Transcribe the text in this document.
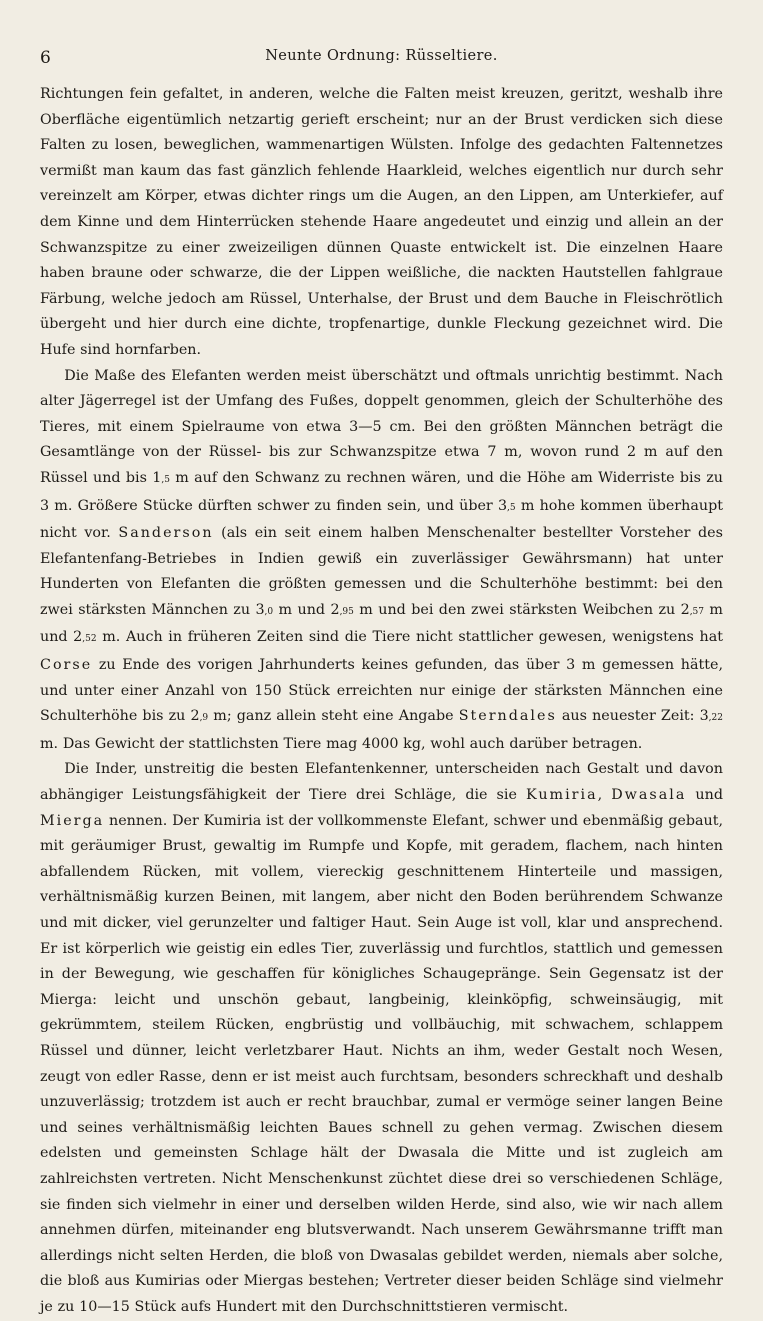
6	Neunte Ordnung: Rüsseltiere.

Richtungen fein gefaltet, in anderen, welche die Falten meist kreuzen, geritzt, weshalb ihre Oberfläche eigentümlich netzartig gerieft erscheint; nur an der Brust verdicken sich diese Falten zu losen, beweglichen, wammenartigen Wülsten. Infolge des gedachten Faltennetzes vermißt man kaum das fast gänzlich fehlende Haarkleid, welches eigentlich nur durch sehr vereinzelt am Körper, etwas dichter rings um die Augen, an den Lippen, am Unterkiefer, auf dem Kinne und dem Hinterrücken stehende Haare angedeutet und einzig und allein an der Schwanzspitze zu einer zweizeiligen dünnen Quaste entwickelt ist. Die einzelnen Haare haben braune oder schwarze, die der Lippen weißliche, die nackten Hautstellen fahlgraue Färbung, welche jedoch am Rüssel, Unterhalse, der Brust und dem Bauche in Fleischrötlich übergeht und hier durch eine dichte, tropfenartige, dunkle Fleckung gezeichnet wird. Die Hufe sind hornfarben.

Die Maße des Elefanten werden meist überschätzt und oftmals unrichtig bestimmt. Nach alter Jägerregel ist der Umfang des Fußes, doppelt genommen, gleich der Schulterhöhe des Tieres, mit einem Spielraume von etwa 3—5 cm. Bei den größten Männchen beträgt die Gesamtlänge von der Rüssel- bis zur Schwanzspitze etwa 7 m, wovon rund 2 m auf den Rüssel und bis 1,5 m auf den Schwanz zu rechnen wären, und die Höhe am Widerriste bis zu 3 m. Größere Stücke dürften schwer zu finden sein, und über 3,5 m hohe kommen überhaupt nicht vor. Sanderson (als ein seit einem halben Menschenalter bestellter Vorsteher des Elefantenfang-Betriebes in Indien gewiß ein zuverlässiger Gewährsmann) hat unter Hunderten von Elefanten die größten gemessen und die Schulterhöhe bestimmt: bei den zwei stärksten Männchen zu 3,0 m und 2,95 m und bei den zwei stärksten Weibchen zu 2,57 m und 2,52 m. Auch in früheren Zeiten sind die Tiere nicht stattlicher gewesen, wenigstens hat Corse zu Ende des vorigen Jahrhunderts keines gefunden, das über 3 m gemessen hätte, und unter einer Anzahl von 150 Stück erreichten nur einige der stärksten Männchen eine Schulterhöhe bis zu 2,9 m; ganz allein steht eine Angabe Sterndales aus neuester Zeit: 3,22 m. Das Gewicht der stattlichsten Tiere mag 4000 kg, wohl auch darüber betragen.

Die Inder, unstreitig die besten Elefantenkenner, unterscheiden nach Gestalt und davon abhängiger Leistungsfähigkeit der Tiere drei Schläge, die sie Kumiria, Dwasala und Mierga nennen. Der Kumiria ist der vollkommenste Elefant, schwer und ebenmäßig gebaut, mit geräumiger Brust, gewaltig im Rumpfe und Kopfe, mit geradem, flachem, nach hinten abfallendem Rücken, mit vollem, viereckig geschnittenem Hinterteile und massigen, verhältnismäßig kurzen Beinen, mit langem, aber nicht den Boden berührendem Schwanze und mit dicker, viel gerunzelter und faltiger Haut. Sein Auge ist voll, klar und ansprechend. Er ist körperlich wie geistig ein edles Tier, zuverlässig und furchtlos, stattlich und gemessen in der Bewegung, wie geschaffen für königliches Schaugepränge. Sein Gegensatz ist der Mierga: leicht und unschön gebaut, langbeinig, kleinköpfig, schweinsäugig, mit gekrümmtem, steilem Rücken, engbrüstig und vollbäuchig, mit schwachem, schlappem Rüssel und dünner, leicht verletzbarer Haut. Nichts an ihm, weder Gestalt noch Wesen, zeugt von edler Rasse, denn er ist meist auch furchtsam, besonders schreckhaft und deshalb unzuverlässig; trotzdem ist auch er recht brauchbar, zumal er vermöge seiner langen Beine und seines verhältnismäßig leichten Baues schnell zu gehen vermag. Zwischen diesem edelsten und gemeinsten Schlage hält der Dwasala die Mitte und ist zugleich am zahlreichsten vertreten. Nicht Menschenkunst züchtet diese drei so verschiedenen Schläge, sie finden sich vielmehr in einer und derselben wilden Herde, sind also, wie wir nach allem annehmen dürfen, miteinander eng blutsverwandt. Nach unserem Gewährsmanne trifft man allerdings nicht selten Herden, die bloß von Dwasalas gebildet werden, niemals aber solche, die bloß aus Kumirias oder Miergas bestehen; Vertreter dieser beiden Schläge sind vielmehr je zu 10—15 Stück aufs Hundert mit den Durchschnittstieren vermischt.
